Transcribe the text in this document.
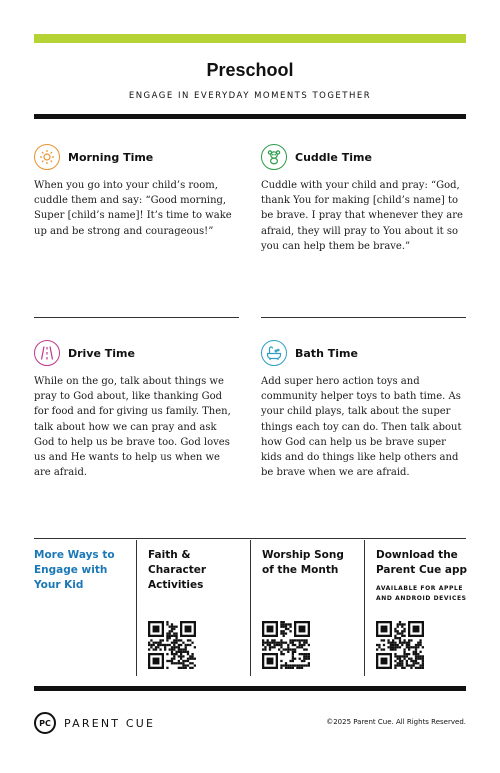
Preschool
ENGAGE IN EVERYDAY MOMENTS TOGETHER
Morning Time
When you go into your child’s room, cuddle them and say: “Good morning, Super [child’s name]! It’s time to wake up and be strong and courageous!”
Cuddle Time
Cuddle with your child and pray: “God, thank You for making [child’s name] to be brave. I pray that whenever they are afraid, they will pray to You about it so you can help them be brave.”
Drive Time
While on the go, talk about things we pray to God about, like thanking God for food and for giving us family. Then, talk about how we can pray and ask God to help us be brave too. God loves us and He wants to help us when we are afraid.
Bath Time
Add super hero action toys and community helper toys to bath time. As your child plays, talk about the super things each toy can do. Then talk about how God can help us be brave super kids and do things like help others and be brave when we are afraid.
More Ways to Engage with Your Kid
Faith & Character Activities
Worship Song of the Month
Download the Parent Cue app
AVAILABLE FOR APPLE AND ANDROID DEVICES
PC	PARENT CUE	©2025 Parent Cue. All Rights Reserved.
